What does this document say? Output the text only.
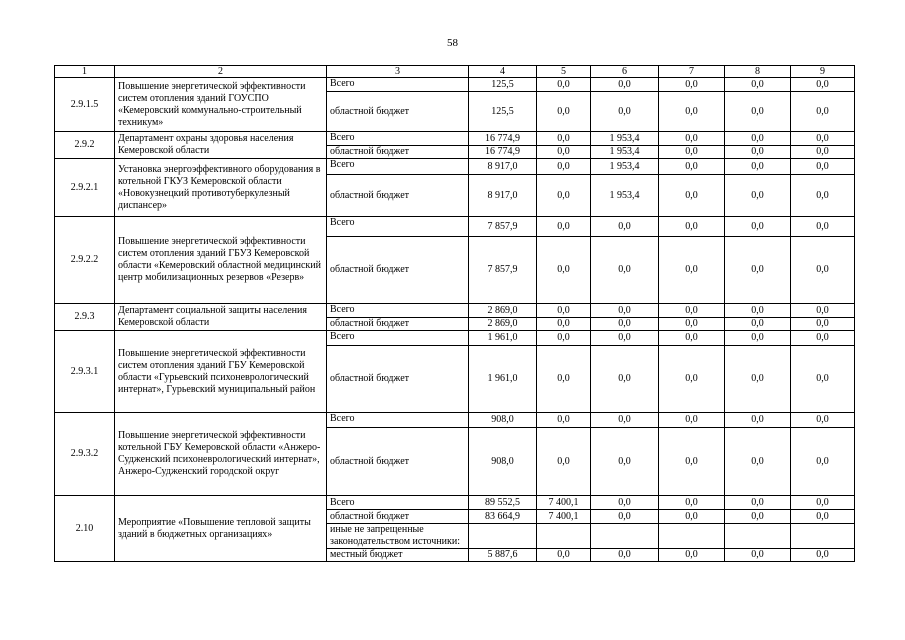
58
1	2	3	4	5	6	7	8	9
2.9.1.5	Повышение энергетической эффективности систем отопления зданий ГОУСПО «Кемеровский коммунально-строительный техникум»	Всего	125,5	0,0	0,0	0,0	0,0	0,0
		областной бюджет	125,5	0,0	0,0	0,0	0,0	0,0
2.9.2	Департамент охраны здоровья населения Кемеровской области	Всего	16 774,9	0,0	1 953,4	0,0	0,0	0,0
		областной бюджет	16 774,9	0,0	1 953,4	0,0	0,0	0,0
2.9.2.1	Установка энергоэффективного оборудования в котельной ГКУЗ Кемеровской области «Новокузнецкий противотуберкулезный диспансер»	Всего	8 917,0	0,0	1 953,4	0,0	0,0	0,0
		областной бюджет	8 917,0	0,0	1 953,4	0,0	0,0	0,0
2.9.2.2	Повышение энергетической эффективности систем отопления зданий ГБУЗ Кемеровской области «Кемеровский областной медицинский центр мобилизационных резервов «Резерв»	Всего	7 857,9	0,0	0,0	0,0	0,0	0,0
		областной бюджет	7 857,9	0,0	0,0	0,0	0,0	0,0
2.9.3	Департамент социальной защиты населения Кемеровской области	Всего	2 869,0	0,0	0,0	0,0	0,0	0,0
		областной бюджет	2 869,0	0,0	0,0	0,0	0,0	0,0
2.9.3.1	Повышение энергетической эффективности систем отопления зданий ГБУ Кемеровской области «Гурьевский психоневрологический интернат», Гурьевский муниципальный район	Всего	1 961,0	0,0	0,0	0,0	0,0	0,0
		областной бюджет	1 961,0	0,0	0,0	0,0	0,0	0,0
2.9.3.2	Повышение энергетической эффективности котельной ГБУ Кемеровской области «Анжеро-Судженский психоневрологический интернат», Анжеро-Судженский городской округ	Всего	908,0	0,0	0,0	0,0	0,0	0,0
		областной бюджет	908,0	0,0	0,0	0,0	0,0	0,0
2.10	Мероприятие «Повышение тепловой защиты зданий в бюджетных организациях»	Всего	89 552,5	7 400,1	0,0	0,0	0,0	0,0
		областной бюджет	83 664,9	7 400,1	0,0	0,0	0,0	0,0
		иные не запрещенные законодательством источники:						
		местный бюджет	5 887,6	0,0	0,0	0,0	0,0	0,0
